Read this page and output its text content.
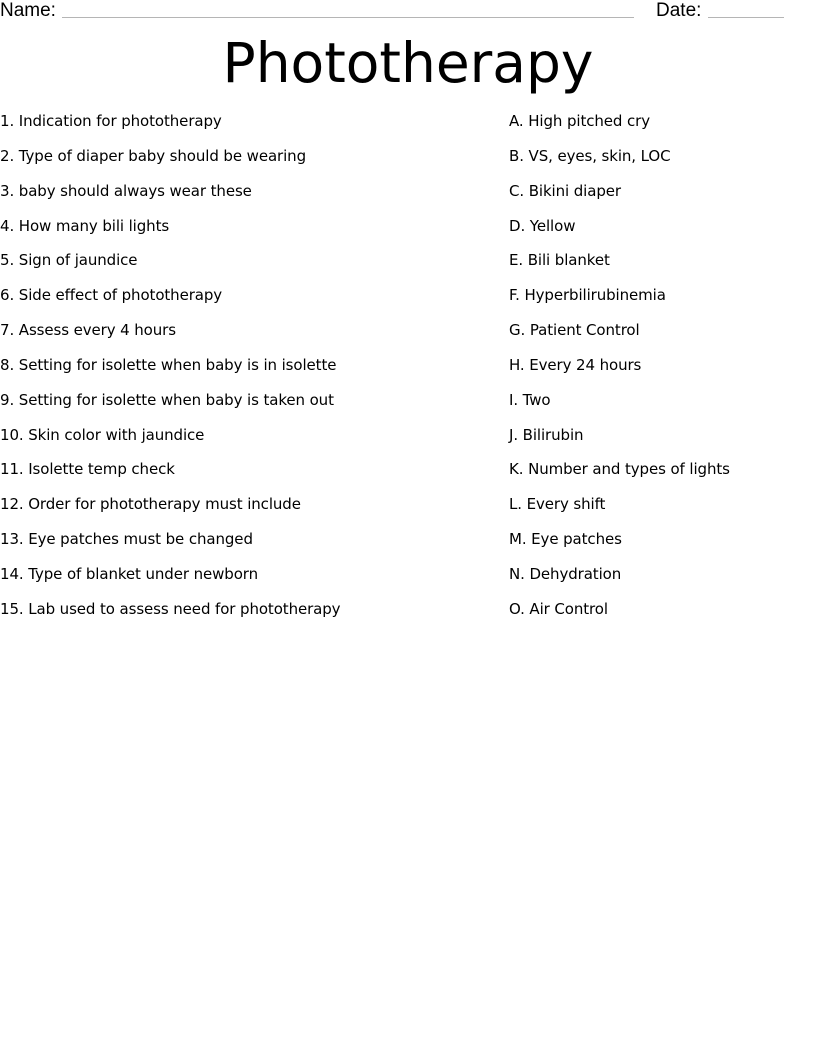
Name:	Date:
Phototherapy
1. Indication for phototherapy
2. Type of diaper baby should be wearing
3. baby should always wear these
4. How many bili lights
5. Sign of jaundice
6. Side effect of phototherapy
7. Assess every 4 hours
8. Setting for isolette when baby is in isolette
9. Setting for isolette when baby is taken out
10. Skin color with jaundice
11. Isolette temp check
12. Order for phototherapy must include
13. Eye patches must be changed
14. Type of blanket under newborn
15. Lab used to assess need for phototherapy
A. High pitched cry
B. VS, eyes, skin, LOC
C. Bikini diaper
D. Yellow
E. Bili blanket
F. Hyperbilirubinemia
G. Patient Control
H. Every 24 hours
I. Two
J. Bilirubin
K. Number and types of lights
L. Every shift
M. Eye patches
N. Dehydration
O. Air Control
